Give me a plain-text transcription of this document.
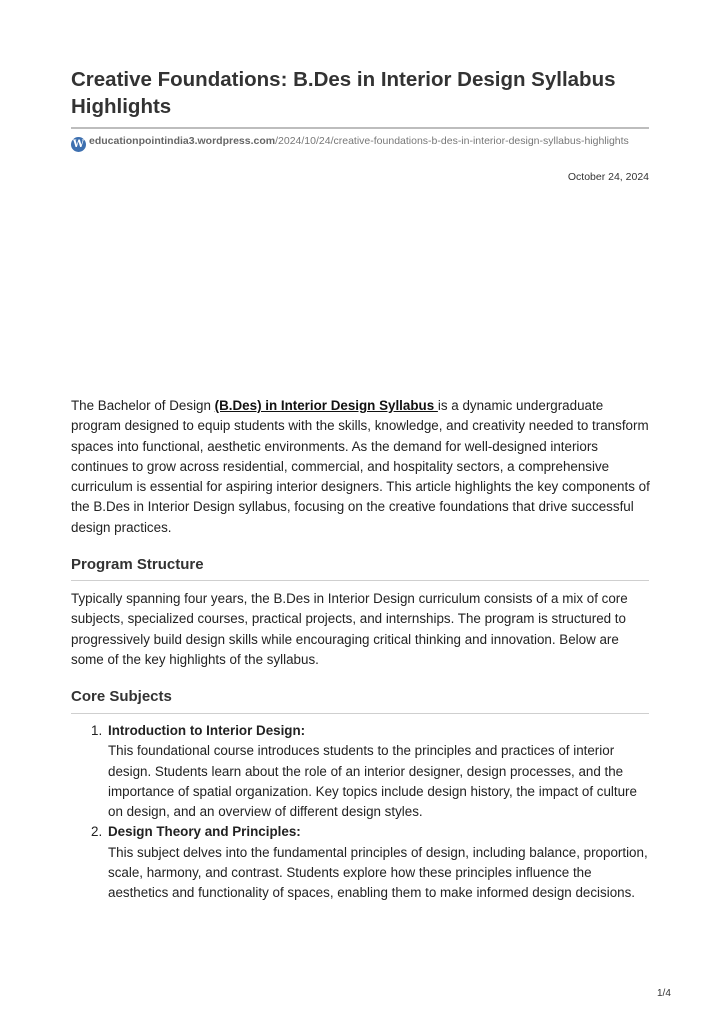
Creative Foundations: B.Des in Interior Design Syllabus Highlights
W educationpointindia3.wordpress.com/2024/10/24/creative-foundations-b-des-in-interior-design-syllabus-highlights
October 24, 2024

The Bachelor of Design (B.Des) in Interior Design Syllabus is a dynamic undergraduate program designed to equip students with the skills, knowledge, and creativity needed to transform spaces into functional, aesthetic environments. As the demand for well-designed interiors continues to grow across residential, commercial, and hospitality sectors, a comprehensive curriculum is essential for aspiring interior designers. This article highlights the key components of the B.Des in Interior Design syllabus, focusing on the creative foundations that drive successful design practices.

Program Structure

Typically spanning four years, the B.Des in Interior Design curriculum consists of a mix of core subjects, specialized courses, practical projects, and internships. The program is structured to progressively build design skills while encouraging critical thinking and innovation. Below are some of the key highlights of the syllabus.

Core Subjects
1. Introduction to Interior Design:
This foundational course introduces students to the principles and practices of interior design. Students learn about the role of an interior designer, design processes, and the importance of spatial organization. Key topics include design history, the impact of culture on design, and an overview of different design styles.
2. Design Theory and Principles:
This subject delves into the fundamental principles of design, including balance, proportion, scale, harmony, and contrast. Students explore how these principles influence the aesthetics and functionality of spaces, enabling them to make informed design decisions.
1/4
